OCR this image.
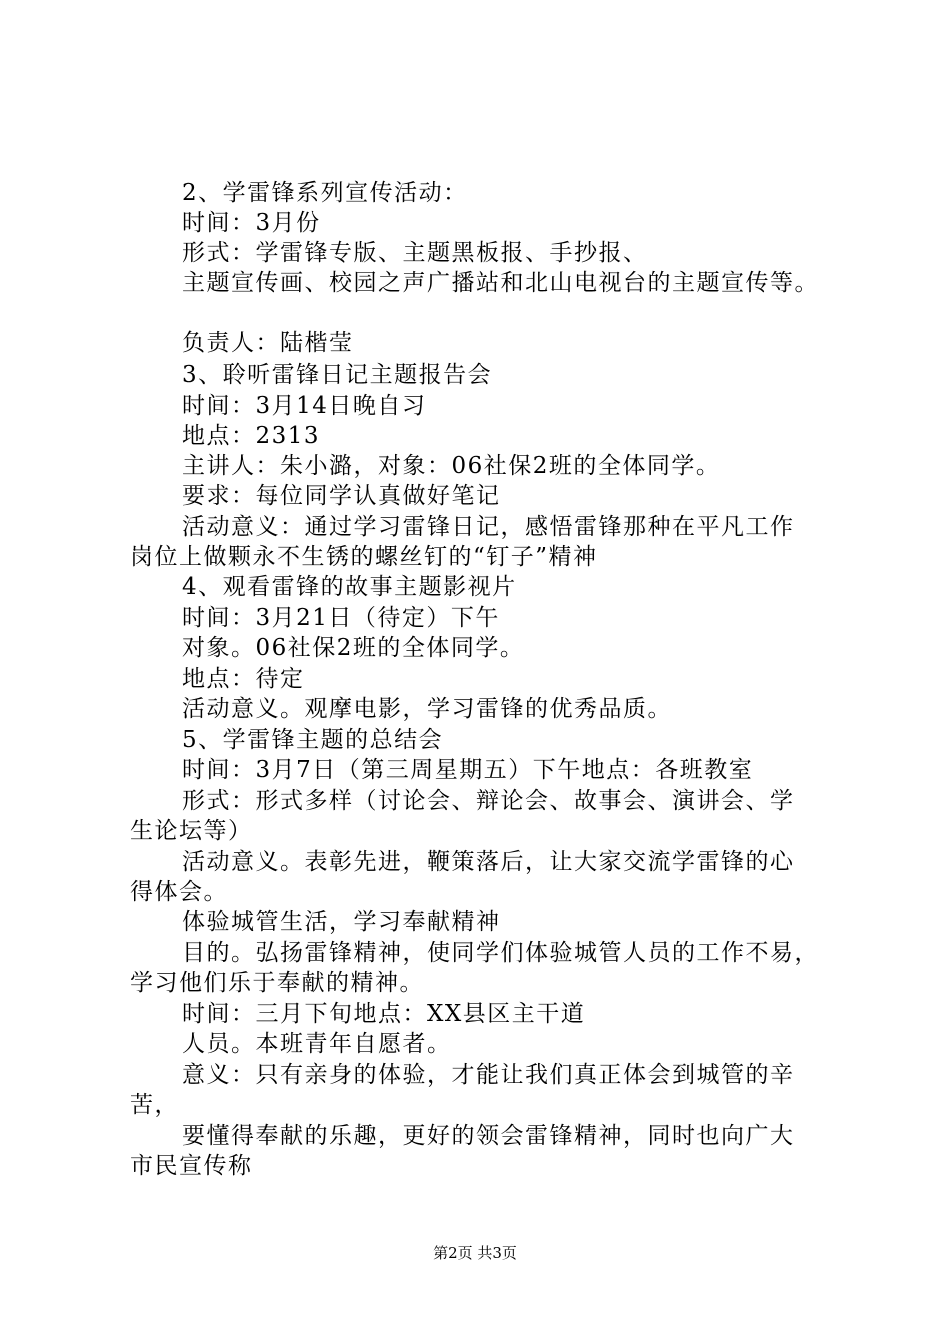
2、学雷锋系列宣传活动：
时间：3月份
形式：学雷锋专版、主题黑板报、手抄报、
主题宣传画、校园之声广播站和北山电视台的主题宣传等。
负责人：陆楷莹
3、聆听雷锋日记主题报告会
时间：3月14日晚自习
地点：2313
主讲人：朱小潞，对象：06社保2班的全体同学。
要求：每位同学认真做好笔记
活动意义：通过学习雷锋日记，感悟雷锋那种在平凡工作
岗位上做颗永不生锈的螺丝钉的“钉子”精神
4、观看雷锋的故事主题影视片
时间：3月21日（待定）下午
对象。06社保2班的全体同学。
地点：待定
活动意义。观摩电影，学习雷锋的优秀品质。
5、学雷锋主题的总结会
时间：3月7日（第三周星期五）下午地点：各班教室
形式：形式多样（讨论会、辩论会、故事会、演讲会、学
生论坛等）
活动意义。表彰先进，鞭策落后，让大家交流学雷锋的心
得体会。
体验城管生活，学习奉献精神
目的。弘扬雷锋精神，使同学们体验城管人员的工作不易，
学习他们乐于奉献的精神。
时间：三月下旬地点：XX县区主干道
人员。本班青年自愿者。
意义：只有亲身的体验，才能让我们真正体会到城管的辛
苦，
要懂得奉献的乐趣，更好的领会雷锋精神，同时也向广大
市民宣传称
第2页 共3页
